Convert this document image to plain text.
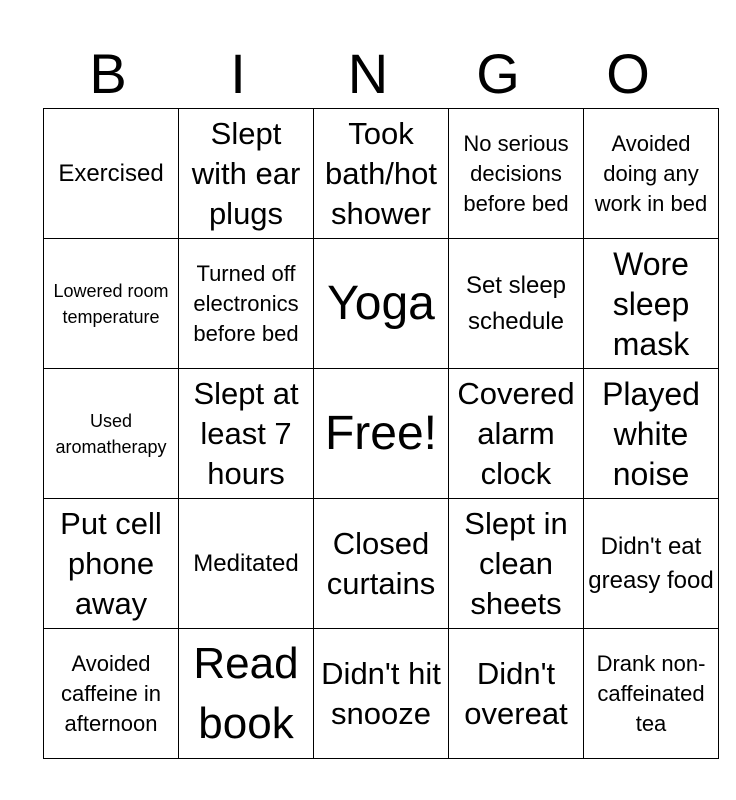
B	I	N	G	O
Exercised	Slept with ear plugs	Took bath/hot shower	No serious decisions before bed	Avoided doing any work in bed
Lowered room temperature	Turned off electronics before bed	Yoga	Set sleep schedule	Wore sleep mask
Used aromatherapy	Slept at least 7 hours	Free!	Covered alarm clock	Played white noise
Put cell phone away	Meditated	Closed curtains	Slept in clean sheets	Didn't eat greasy food
Avoided caffeine in afternoon	Read book	Didn't hit snooze	Didn't overeat	Drank non-caffeinated tea
